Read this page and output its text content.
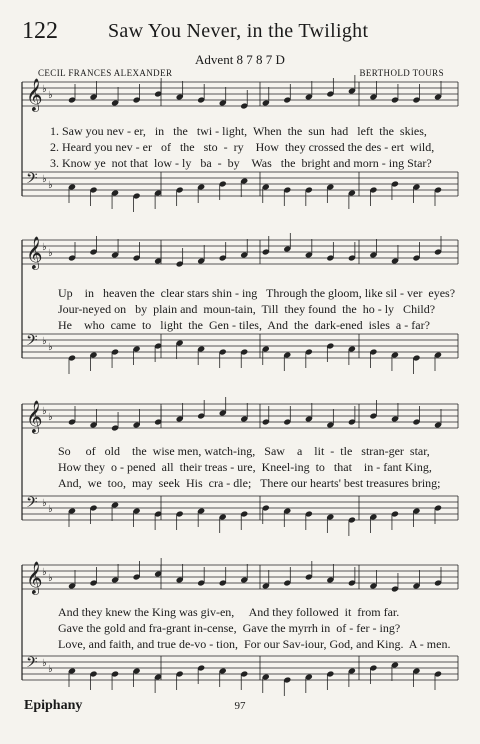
122	Saw You Never, in the Twilight
Advent 8 7 8 7 D
CECIL FRANCES ALEXANDER	BERTHOLD TOURS
𝄞 ♭
♭
𝄢 ♭
♭
𝄞 ♭
♭
𝄢 ♭
♭
𝄞 ♭
♭
𝄢 ♭
♭
𝄞 ♭
♭
𝄢 ♭
♭
1. Saw you nev - er,   in   the   twi - light,  When  the  sun  had   left  the  skies,
2. Heard you nev - er   of   the   sto  -  ry    How  they crossed the des - ert  wild,
3. Know ye  not that  low - ly   ba  -  by    Was   the  bright and morn - ing Star?
Up    in   heaven the  clear stars shin - ing   Through the gloom, like sil - ver  eyes?
Jour-neyed on   by  plain and  moun-tain,  Till  they found  the  ho - ly   Child?
He    who  came  to   light  the  Gen - tiles,  And  the  dark-ened  isles  a - far?
So     of   old    the  wise men, watch-ing,   Saw    a    lit  -  tle   stran-ger  star,
How they  o - pened  all  their treas - ure,  Kneel-ing  to   that    in - fant King,
And,  we  too,  may  seek  His  cra - dle;   There our hearts' best treasures bring;
And they knew the King was giv-en,     And they followed  it  from far.
Gave the gold and fra-grant in-cense,  Gave the myrrh in  of - fer - ing?
Love, and faith, and true de-vo - tion,  For our Sav-iour, God, and King.  A - men.
Epiphany	97
